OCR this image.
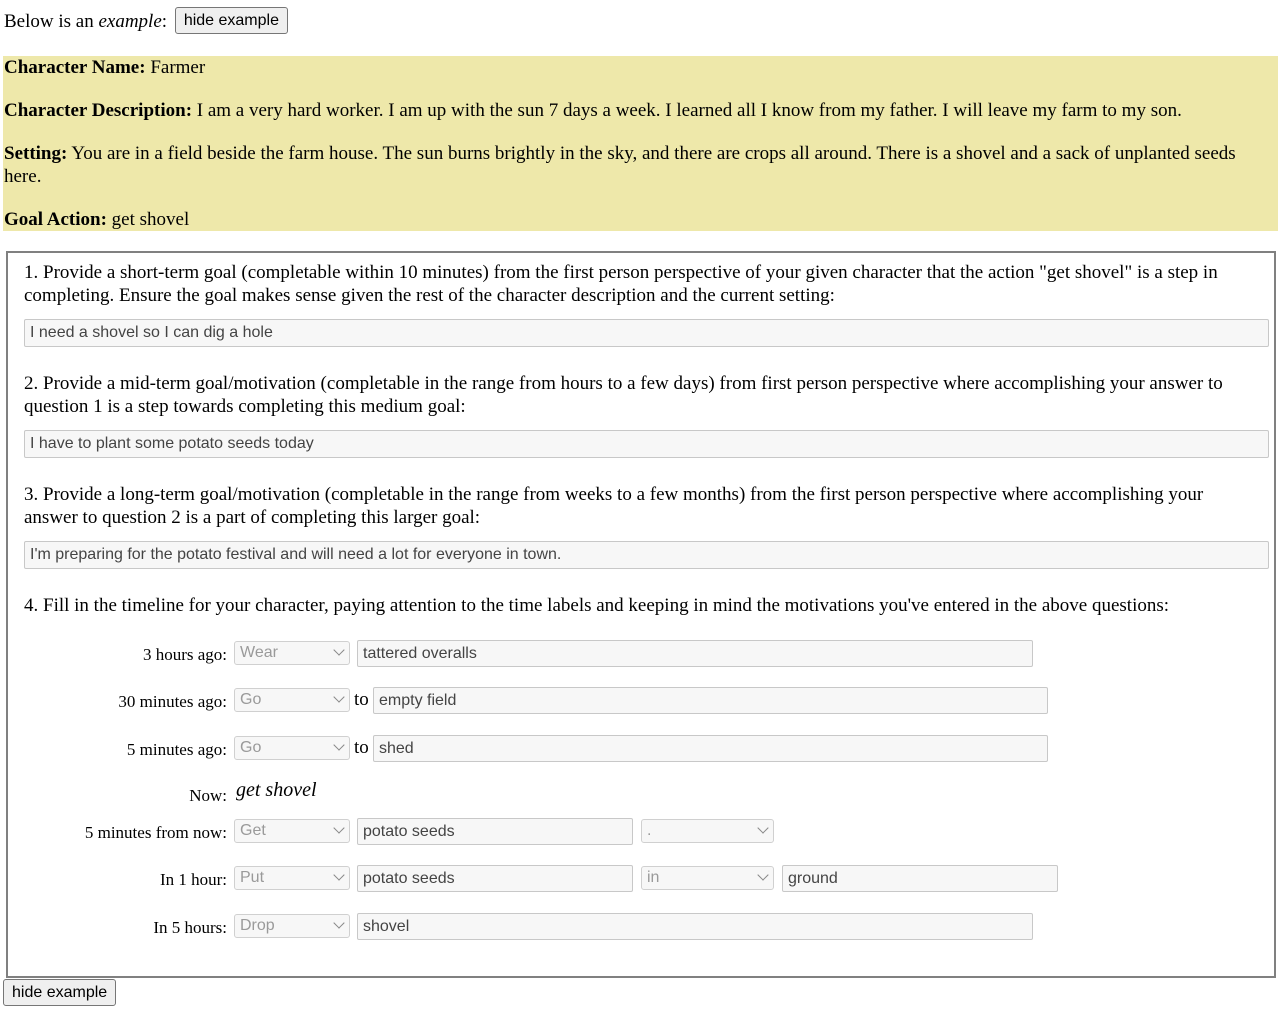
Below is an example: hide example

Character Name: Farmer

Character Description: I am a very hard worker. I am up with the sun 7 days a week. I learned all I know from my father. I will leave my farm to my son.

Setting: You are in a field beside the farm house. The sun burns brightly in the sky, and there are crops all around. There is a shovel and a sack of unplanted seeds here.

Goal Action: get shovel

1. Provide a short-term goal (completable within 10 minutes) from the first person perspective of your given character that the action "get shovel" is a step in completing. Ensure the goal makes sense given the rest of the character description and the current setting:

I need a shovel so I can dig a hole

2. Provide a mid-term goal/motivation (completable in the range from hours to a few days) from first person perspective where accomplishing your answer to question 1 is a step towards completing this medium goal:

I have to plant some potato seeds today

3. Provide a long-term goal/motivation (completable in the range from weeks to a few months) from the first person perspective where accomplishing your answer to question 2 is a part of completing this larger goal:

I'm preparing for the potato festival and will need a lot for everyone in town.

4. Fill in the timeline for your character, paying attention to the time labels and keeping in mind the motivations you've entered in the above questions:

3 hours ago: Wear	tattered overalls
30 minutes ago: Go	to empty field
5 minutes ago: Go	to shed
Now: get shovel
5 minutes from now: Get	potato seeds	.
In 1 hour: Put	potato seeds	in	ground
In 5 hours: Drop	shovel
hide example
